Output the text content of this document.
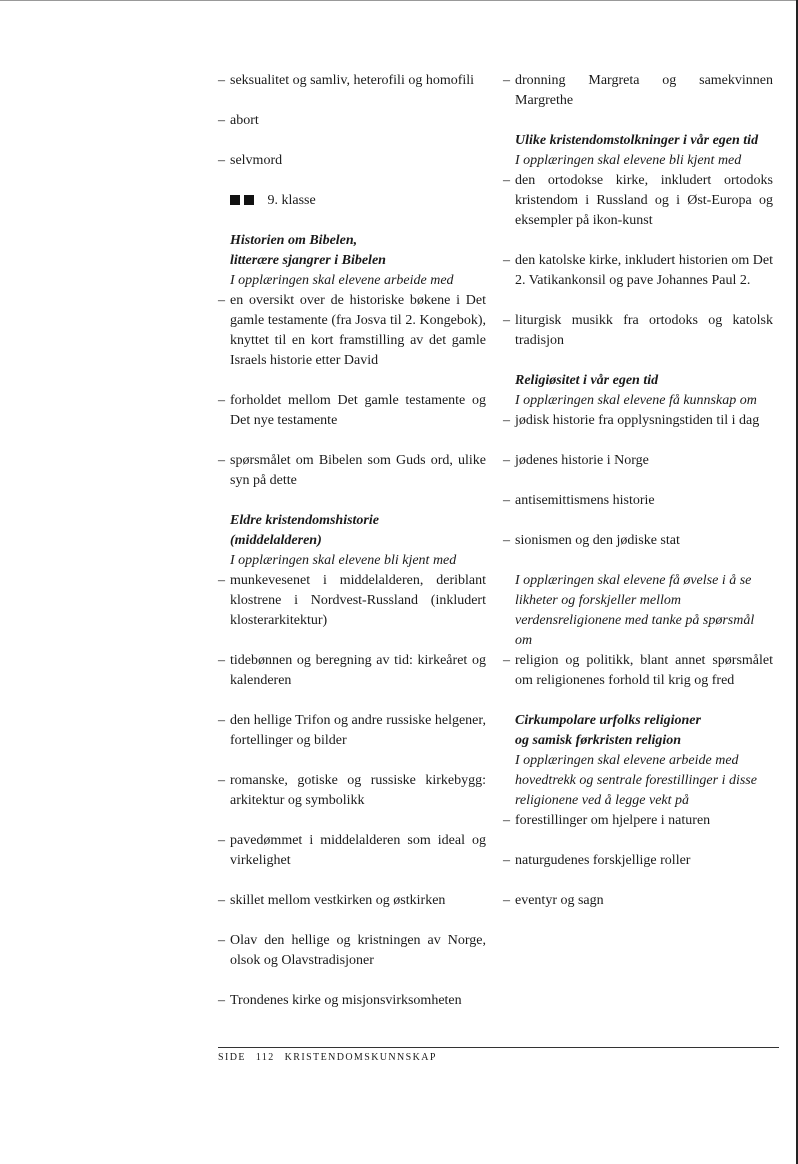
– seksualitet og samliv, heterofili og homofili
– abort
– selvmord
9. klasse
Historien om Bibelen,
litterære sjangrer i Bibelen
I opplæringen skal elevene arbeide med
– en oversikt over de historiske bøkene i Det gamle testamente (fra Josva til 2. Kongebok), knyttet til en kort framstilling av det gamle Israels historie etter David
– forholdet mellom Det gamle testamente og Det nye testamente
– spørsmålet om Bibelen som Guds ord, ulike syn på dette
Eldre kristendomshistorie
(middelalderen)
I opplæringen skal elevene bli kjent med
– munkevesenet i middelalderen, deriblant klostrene i Nordvest-Russland (inkludert klosterarkitektur)
– tidebønnen og beregning av tid: kirkeåret og kalenderen
– den hellige Trifon og andre russiske helgener, fortellinger og bilder
– romanske, gotiske og russiske kirkebygg: arkitektur og symbolikk
– pavedømmet i middelalderen som ideal og virkelighet
– skillet mellom vestkirken og østkirken
– Olav den hellige og kristningen av Norge, olsok og Olavstradisjoner
– Trondenes kirke og misjonsvirksomheten
– dronning Margreta og samekvinnen Margrethe
Ulike kristendomstolkninger i vår egen tid
I opplæringen skal elevene bli kjent med
– den ortodokse kirke, inkludert ortodoks kristendom i Russland og i Øst-Europa og eksempler på ikon-kunst
– den katolske kirke, inkludert historien om Det 2. Vatikankonsil og pave Johannes Paul 2.
– liturgisk musikk fra ortodoks og katolsk tradisjon
Religiøsitet i vår egen tid
I opplæringen skal elevene få kunnskap om
– jødisk historie fra opplysningstiden til i dag
– jødenes historie i Norge
– antisemittismens historie
– sionismen og den jødiske stat
I opplæringen skal elevene få øvelse i å se likheter og forskjeller mellom verdensreligionene med tanke på spørsmål om
– religion og politikk, blant annet spørsmålet om religionenes forhold til krig og fred
Cirkumpolare urfolks religioner
og samisk førkristen religion
I opplæringen skal elevene arbeide med hovedtrekk og sentrale forestillinger i disse religionene ved å legge vekt på
– forestillinger om hjelpere i naturen
– naturgudenes forskjellige roller
– eventyr og sagn
SIDE 112 KRISTENDOMSKUNNSKAP
